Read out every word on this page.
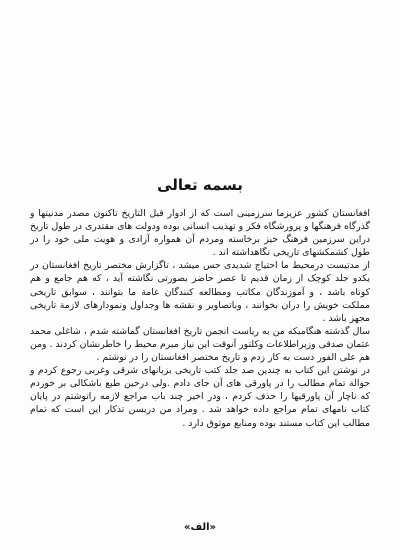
بسمه تعالی

افغانستان کشور عزیزما سرزمینی است که از ادوار قبل التاریخ تاکنون مصدر مدنیتها و گذرگاه فرهنگها و پرورشگاه فکر و تهذیب انسانی بوده ودولت های مقتدری در طول تاریخ دراین سرزمین فرهنگ خیز برخاسته ومردم آن همواره آزادی و هویت ملی خود را در طول کشمکشهای تاریخی نگاهداشته اند .

از مدتیست درمحیط ما احتیاج شدیدی حس میشد ، تاگزارش مختصر تاریخ افغانستان در یکدو جلد کوچک از زمان قدیم تا عصر حاضر بصورتی نگاشته آید ، که هم جامع و هم کوتاه باشد ، و آموزندگان مکاتب ومطالعه کنندگان عامة ما بتوانند ، سوابق تاریخی مملکت خویش را دران بخوانند ، وباتصاویر و نقشه ها وجداول ونمودارهای لازمة تاریخی مجهز باشد .

سال گذشته هنگامیکه من به ریاست انجمن تاریخ افغانستان گماشته شدم ، شاغلی محمد عثمان صدقی وزیراطلاعات وکلتور آنوقت این نیاز مبرم محیط را خاطرنشان کردند . ومن هم علی الفور دست به کار زدم و تاریخ مختصر افغانستان را در نوشتم .

در نوشتن این کتاب به چندین صد جلد کتب تاریخی بزبانهای شرقی وغربی رجوع کردم و حوالة تمام مطالب را در پاورقی های آن جای دادم .ولی درحین طبع باشکالی بر خوردم که ناچار آن پاورقیها را حذف کردم ، ودر اخیر چند باب مراجع لازمه راتوشتم در پایان کتاب نامهای تمام مراجع داده خواهد شد . ومراد من دریسن تذکار این است که تمام مطالب این کتاب مستند بوده ومنابع موثوق دارد .

«الف»
